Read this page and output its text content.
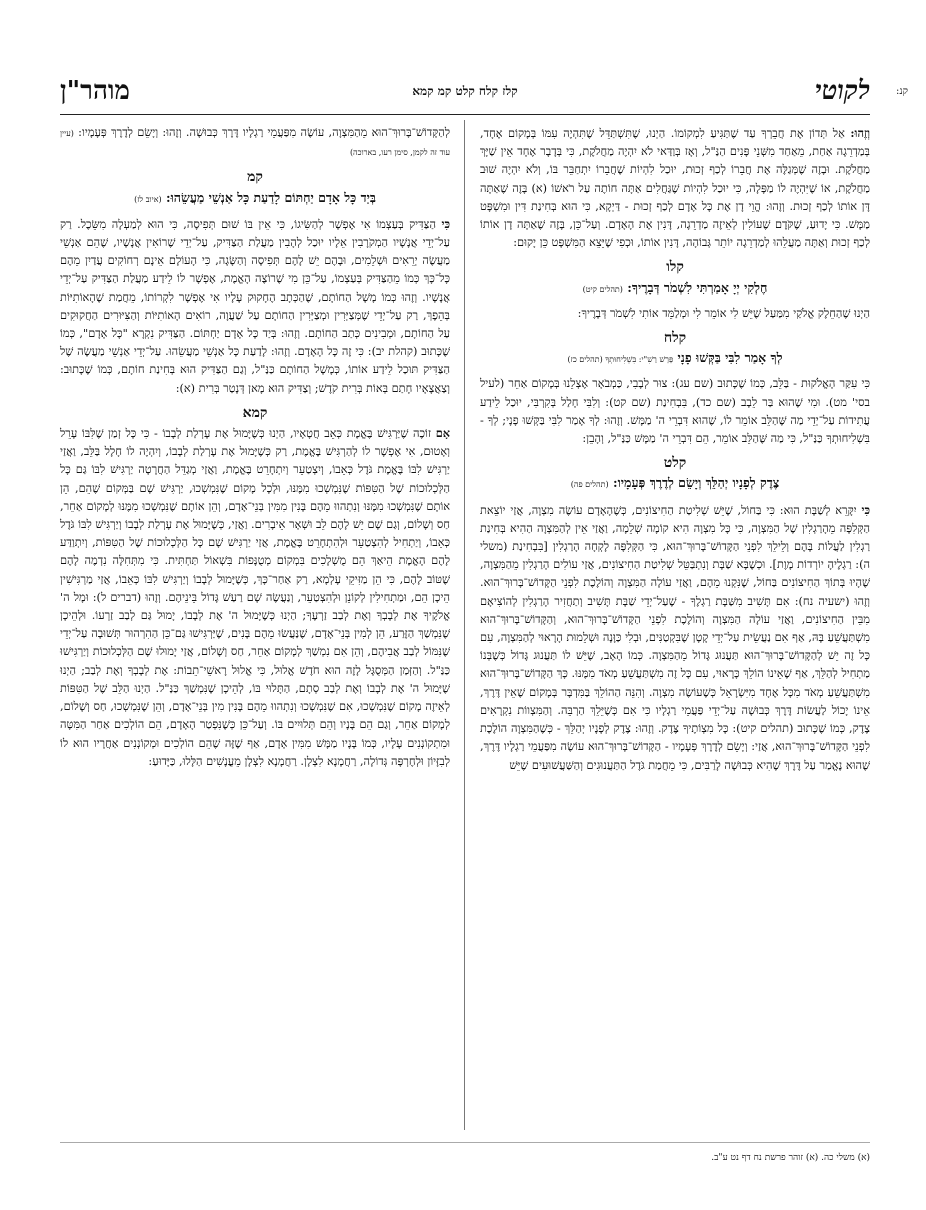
קנ:
לקוטי
קלז קלח קלט קמ קמא
מוהר"ן

וְזֶהוּ: אַל תְּדוֹן אֶת חֲבֵרְךָ עַד שֶׁתַּגִּיעַ לִמְקוֹמוֹ. הַיְנוּ, שֶׁתִּשְׁתַּדֵּל שֶׁתִּהְיֶה עִמּוֹ בְּמָקוֹם אֶחָד, בְּמַדְרֵגָה אַחַת, מֵאַחַד מִשְּׁנֵי פָּנִים הַנַּ"ל, וְאָז בְּוַדַּאי לֹא יִהְיֶה מַחֲלֹקֶת, כִּי בְּדָבָר אֶחָד אֵין שַׁיָּךְ מַחֲלֹקֶת. וּבָזֶה שֶׁמְּגַלֶּה אֶת חֲבֵרוֹ לְכַף זְכוּת, יוּכַל לִהְיוֹת שֶׁחֲבֵרוֹ יִתְחַבֵּר בּוֹ, וְלֹא יִהְיֶה שׁוּב מַחֲלֹקֶת, אוֹ שֶׁיִּהְיֶה לוֹ מַפָּלָה, כִּי יוּכַל לִהְיוֹת שֶׁגַּחֲלִים אַתָּה חוֹתֶה עַל רֹאשׁוֹ (א) בָּזֶה שֶׁאַתָּה דָּן אוֹתוֹ לְכַף זְכוּת. וְזֶהוּ: הֱוֵי דָן אֶת כָּל אָדָם לְכַף זְכוּת - דַּיְקָא, כִּי הוּא בְּחִינַת דִּין וּמִשְׁפָּט מַמָּשׁ. כִּי יָדוּעַ, שֶׁקֹּדֶם שֶׁעוֹלִין לְאֵיזֶה מַדְרֵגָה, דָּנִין אֶת הָאָדָם. וְעַל־כֵּן, בָּזֶה שֶׁאַתָּה דָן אוֹתוֹ לְכַף זְכוּת וְאַתָּה מַעֲלֵהוּ לְמַדְרֵגָה יוֹתֵר גְּבוֹהָה, דָּנִין אוֹתוֹ, וּכְפִי שֶׁיֵּצֵא הַמִּשְׁפָּט כֵּן יָקוּם:

קלו
חֶלְקִי יְיָ אָמַרְתִּי לִשְׁמֹר דְּבָרֶיךָ: (תהלים קיט)

הַיְנוּ שֶׁהַחֵלֶק אֱלֹקַי מִמַּעַל שֶׁיֵּשׁ לִי אוֹמֵר לִי וּמְלַמֵּד אוֹתִי לִשְׁמֹר דְּבָרֶיךָ:

קלח
לְךָ אָמַר לִבִּי בַּקְּשׁוּ פָנָי פֵּרֵשׁ רַשִׁ"י: בִּשְׁלִיחוּתְךָ (תהלים כז)

כִּי עִקַּר הָאֱלֹקוּת - בַּלֵּב, כְּמוֹ שֶׁכָּתוּב (שם עג): צוּר לְבָבִי, כַּמְבֹאָר אֶצְלֵנוּ בְּמָקוֹם אַחֵר (לעיל בסי' מט). וּמִי שֶׁהוּא בַּר לֵבָב (שם כד), בִּבְחִינַת (שם קט): וְלִבִּי חָלַל בְּקִרְבִּי, יוּכַל לֵידַע עֲתִידוֹת עַל־יְדֵי מַה שֶּׁהַלֵּב אוֹמֵר לוֹ, שֶׁהוּא דִּבְרֵי ה' מַמָּשׁ. וְזֶהוּ: לְךָ אָמַר לִבִּי בַּקְּשׁוּ פָנָי; לְךָ - בִּשְׁלִיחוּתְךָ כַּנַּ"ל, כִּי מַה שֶּׁהַלֵּב אוֹמֵר, הֵם דִּבְרֵי ה' מַמָּשׁ כַּנַּ"ל, וְהָבֵן:

קלט
צֶדֶק לְפָנָיו יְהַלֵּךְ וְיָשֵׂם לְדֶרֶךְ פְּעָמָיו: (תהלים פה)

כִּי יִקָּרֵא לְשַׁבָּת הוּא: כִּי בַּחוֹל, שֶׁיֵּשׁ שְׁלִיטַת הַחִיצוֹנִים, כְּשֶׁהָאָדָם עוֹשֶׂה מִצְוָה, אֲזַי יוֹצֵאת הַקְּלִפָּה מֵהָרַגְלִין שֶׁל הַמִּצְוָה, כִּי כָּל מִצְוָה הִיא קוֹמָה שְׁלֵמָה, וַאֲזַי אֵין לְהַמִּצְוָה הַהִיא בְּחִינַת רַגְלִין לַעֲלוֹת בָּהֶם וְלֵילֵךְ לִפְנֵי הַקָּדוֹשׁ־בָּרוּךְ־הוּא, כִּי הַקְּלִפָּה לָקְחָה הָרַגְלִין [בִּבְחִינַת (משלי ה): רַגְלֶיהָ יוֹרְדוֹת מָוֶת]. וּכְשֶׁבָּא שַׁבָּת וְנִתְבַּטֵּל שְׁלִיטַת הַחִיצוֹנִים, אֲזַי עוֹלִים הָרַגְלִין מֵהַמִּצְוָה, שֶׁהָיוּ בְּתוֹךְ הַחִיצוֹנִים בַּחוֹל, שֶׁנִּקְנוּ מֵהֶם, וַאֲזַי עוֹלָה הַמִּצְוָה וְהוֹלֶכֶת לִפְנֵי הַקָּדוֹשׁ־בָּרוּךְ־הוּא. וְזֶהוּ (ישעיה נח): אִם תָּשִׁיב מִשַּׁבָּת רַגְלֶךָ - שֶׁעַל־יְדֵי שַׁבָּת תָּשִׁיב וְתַחֲזִיר הָרַגְלִין לְהוֹצִיאָם מִבֵּין הַחִיצוֹנִים, וַאֲזַי עוֹלָה הַמִּצְוָה וְהוֹלֶכֶת לִפְנֵי הַקָּדוֹשׁ־בָּרוּךְ־הוּא, וְהַקָּדוֹשׁ־בָּרוּךְ־הוּא מִשְׁתַּעֲשֵׁעַ בָּהּ, אַף אִם נַעֲשֵׂית עַל־יְדֵי קָטָן שֶׁבִּקְטַנִּים, וּבְלִי כַּוָּנָה וּשְׁלֵמוּת הָרָאוּי לְהַמִּצְוָה, עִם כָּל זֶה יֵשׁ לְהַקָּדוֹשׁ־בָּרוּךְ־הוּא תַּעֲנוּג גָּדוֹל מֵהַמִּצְוָה. כְּמוֹ הָאָב, שֶׁיֵּשׁ לוֹ תַּעֲנוּג גָּדוֹל כְּשֶׁבְּנוֹ מַתְחִיל לְהַלֵּךְ, אַף שֶׁאֵינוֹ הוֹלֵךְ כָּרָאוּי, עִם כָּל זֶה מִשְׁתַּעֲשֵׁעַ מְאֹד מִמֶּנּוּ. כָּךְ הַקָּדוֹשׁ־בָּרוּךְ־הוּא מִשְׁתַּעֲשֵׁעַ מְאֹד מִכָּל אֶחָד מִיִּשְׂרָאֵל כְּשֶׁעוֹשֶׂה מִצְוָה. וְהִנֵּה הַהוֹלֵךְ בַּמִּדְבָּר בְּמָקוֹם שֶׁאֵין דֶּרֶךְ, אֵינוֹ יָכוֹל לַעֲשׂוֹת דֶּרֶךְ כְּבוּשָׁה עַל־יְדֵי פַּעֲמֵי רַגְלָיו כִּי אִם כְּשֶׁיֵּלֵךְ הַרְבֵּה. וְהַמִּצְווֹת נִקְרָאִים צֶדֶק, כְּמוֹ שֶׁכָּתוּב (תהלים קיט): כָּל מִצְוֹתֶיךָ צֶּדֶק. וְזֶהוּ: צֶדֶק לְפָנָיו יְהַלֵּךְ - כְּשֶׁהַמִּצְוָה הוֹלֶכֶת לִפְנֵי הַקָּדוֹשׁ־בָּרוּךְ־הוּא, אֲזַי: וְיָשֵׂם לְדֶרֶךְ פְּעָמָיו - הַקָּדוֹשׁ־בָּרוּךְ־הוּא עוֹשֶׂה מִפַּעֲמֵי רַגְלָיו דֶּרֶךְ, שֶׁהוּא נֶאֱמַר עַל דֶּרֶךְ שֶׁהִיא כְּבוּשָׁה לָרַבִּים, כִּי מֵחֲמַת גֹּדֶל הַתַּעֲנוּגִים וְהַשַּׁעֲשׁוּעִים שֶׁיֵּשׁ

לְהַקָּדוֹשׁ־בָּרוּךְ־הוּא מֵהַמִּצְוָה, עוֹשֶׂה מִפַּעֲמֵי רַגְלָיו דֶּרֶךְ כְּבוּשָׁה. וְזֶהוּ: וְיָשֵׂם לְדֶרֶךְ פְּעָמָיו: (עיין עוד זה לקמן, סימן רעו, בארוכה)

קמ
בְּיַד כָּל אָדָם יַחְתּוֹם לָדַעַת כָּל אַנְשֵׁי מַעֲשֵׂהוּ: (איוב לז)

כִּי הַצַּדִּיק בְּעַצְמוֹ אִי אֶפְשָׁר לְהַשִּׂיגוֹ, כִּי אֵין בּוֹ שׁוּם תְּפִיסָה, כִּי הוּא לְמַעְלָה מִשֵּׂכֶל. רַק עַל־יְדֵי אֲנָשָׁיו הַמְקֹרָבִין אֵלָיו יוּכַל לְהָבִין מַעֲלַת הַצַּדִּיק, עַל־יְדֵי שֶׁרוֹאִין אֲנָשָׁיו, שֶׁהֵם אַנְשֵׁי מַעֲשֶׂה יְרֵאִים וּשְׁלֵמִים, וּבָהֶם יֵשׁ לָהֶם תְּפִיסָה וְהַשָּׂגָה, כִּי הָעוֹלָם אֵינָם רְחוֹקִים עֲדַיִן מֵהֶם כָּל־כָּךְ כְּמוֹ מֵהַצַּדִּיק בְּעַצְמוֹ, עַל־כֵּן מִי שֶׁרוֹצֶה הָאֱמֶת, אֶפְשָׁר לוֹ לֵידַע מַעֲלַת הַצַּדִּיק עַל־יְדֵי אֲנָשָׁיו. וְזֶהוּ כְּמוֹ מָשָׁל הַחוֹתָם, שֶׁהַכְּתָב הֶחָקוּק עָלָיו אִי אֶפְשָׁר לִקְרוֹתוֹ, מֵחֲמַת שֶׁהָאוֹתִיּוֹת בְּהֵפֶךְ, רַק עַל־יְדֵי שֶׁמְּצַיְּרִין וּמְצַיְּרִין הַחוֹתָם עַל שַׁעֲוָה, רוֹאִים הָאוֹתִיּוֹת וְהַצִּיּוּרִים הַחֲקוּקִים עַל הַחוֹתָם, וּמְבִינִים כְּתַב הַחוֹתָם. וְזֶהוּ: בְּיַד כָּל אָדָם יַחְתּוֹם. הַצַּדִּיק נִקְרָא "כָּל אָדָם", כְּמוֹ שֶׁכָּתוּב (קהלת יב): כִּי זֶה כָּל הָאָדָם. וְזֶהוּ: לָדַעַת כָּל אַנְשֵׁי מַעֲשֵׂהוּ. עַל־יְדֵי אַנְשֵׁי מַעֲשֶׂה שֶׁל הַצַּדִּיק תּוּכַל לֵידַע אוֹתוֹ, כְּמָשָׁל הַחוֹתָם כַּנַּ"ל, וְגַם הַצַּדִּיק הוּא בְּחִינַת חוֹתָם, כְּמוֹ שֶׁכָּתוּב: וְצַאֲצָאָיו חָתַם בְּאוֹת בְּרִית קֹדֶשׁ; וְצַדִּיק הוּא מָאן דְּנָטַר בְּרִית (א):

קמא

אָם זוֹכֶה שֶׁיַּרְגִּישׁ בֶּאֱמֶת כְּאֵב חֲטָאָיו, הַיְנוּ כְּשֶׁיָּמוּל אֶת עָרְלַת לְבָבוֹ - כִּי כָּל זְמַן שֶׁלִּבּוֹ עָרֵל וְאָטוּם, אִי אֶפְשָׁר לוֹ לְהַרְגִּישׁ בֶּאֱמֶת, רַק כְּשֶׁיָּמוּל אֶת עָרְלַת לְבָבוֹ, וְיִהְיֶה לוֹ חָלָל בַּלֵּב, וַאֲזַי יַרְגִּישׁ לִבּוֹ בֶּאֱמֶת גֹּדֶל כְּאֵבוֹ, וְיִצְטַעֵר וְיִתְחָרֵט בֶּאֱמֶת, וַאֲזַי מְגַדֵּל הַחֲרָטָה יַרְגִּישׁ לִבּוֹ גַּם כָּל הַלְּכְלוּכוֹת שֶׁל הַטִּפּוֹת שֶׁנִּמְשְׁכוּ מִמֶּנּוּ, וּלְכָל מָקוֹם שֶׁנִּמְשְׁכוּ, יַרְגִּישׁ שָׁם בַּמְּקוֹם שֶׁהֵם, הֵן אוֹתָם שֶׁנִּמְשְׁכוּ מִמֶּנּוּ וְנִתְהווּ מֵהֶם בָּנִין מִמִּין בְּנֵי־אָדָם, וְהֵן אוֹתָם שֶׁנִּמְשְׁכוּ מִמֶּנּוּ לְמָקוֹם אַחֵר, חַס וְשָׁלוֹם, וְגַם שָׁם יֵשׁ לָהֶם לֵב וּשְׁאָר אֵיבָרִים. וַאֲזַי, כְּשֶׁיָּמוּל אֶת עָרְלַת לְבָבוֹ וְיַרְגִּישׁ לִבּוֹ גֹּדֶל כְּאֵבוֹ, וְיַתְחִיל לְהִצְטַעֵר וּלְהִתְחָרֵט בֶּאֱמֶת, אֲזַי יַרְגִּישׁ שָׁם כָּל הַלְּכְלוּכוֹת שֶׁל הַטִּפּוֹת, וְיִתְוַדַּע לָהֶם הָאֱמֶת הֵיאַךְ הֵם מֻשְׁלָכִים בִּמְקוֹם מְטֻנָּפוֹת בִּשְׁאוֹל תַּחְתִּית. כִּי מִתְּחִלָּה נִדְמֶה לָהֶם שֶׁטּוֹב לָהֶם, כִּי הֵן מַזִּיקֵי עָלְמָא, רַק אַחַר־כָּךְ, כְּשֶׁיָּמוּל לְבָבוֹ וְיַרְגִּישׁ לִבּוֹ כְּאֵבוֹ, אֲזַי מַרְגִּישִׁין הֵיכָן הֵם, וּמַתְחִילִין לְקוֹנֵן וּלְהִצְטַעֵר, וְנַעֲשֶׂה שָׁם רַעַשׁ גָּדוֹל בֵּינֵיהֶם. וְזֶהוּ (דברים ל): וּמָל ה' אֱלֹקֶיךָ אֶת לְבָבְךָ וְאֶת לְבַב זַרְעֶךָ; הַיְנוּ כְּשֶׁיָּמוּל ה' אֶת לְבָבוֹ, יָמוּל גַּם לְבַב זַרְעוֹ. וּלְהֵיכָן שֶׁנִּמְשַׁךְ הַזֶּרַע, הֵן לְמִין בְּנֵי־אָדָם, שֶׁנַּעֲשׂוּ מֵהֶם בָּנִים, שֶׁיַּרְגִּישׁוּ גַּם־כֵּן הַהִרְהוּר תְּשׁוּבָה עַל־יְדֵי שֶׁנִּמּוֹל לְבַב אֲבִיהֶם, וְהֵן אִם נִמְשַׁךְ לְמָקוֹם אַחֵר, חַס וְשָׁלוֹם, אֲזַי יָמוּלוּ שָׁם הַלְּכְלוּכוֹת וְיַרְגִּישׁוּ כַּנַּ"ל. וְהַזְּמַן הַמְּסֻגָּל לָזֶה הוּא חֹדֶשׁ אֱלוּל, כִּי אֱלוּל רָאשֵׁי־תֵבוֹת: אֶת לְבָבְךָ וְאֶת לְבַב; הַיְנוּ שֶׁיָּמוּל ה' אֶת לְבָבוֹ וְאֶת לְבַב סְתָם, הַתָּלוּי בּוֹ, לְהֵיכָן שֶׁנִּמְשַׁךְ כַּנַּ"ל. הַיְנוּ הַלֵּב שֶׁל הַטִּפּוֹת לְאֵיזֶה מָקוֹם שֶׁנִּמְשְׁכוּ, אִם שֶׁנִּמְשְׁכוּ וְנִתְהווּ מֵהֶם בָּנִין מִין בְּנֵי־אָדָם, וְהֵן שֶׁנִּמְשְׁכוּ, חַס וְשָׁלוֹם, לְמָקוֹם אַחֵר, וְגַם הֵם בָּנָיו וְהֵם תְּלוּיִים בּוֹ. וְעַל־כֵּן כְּשֶׁנִּפְטַר הָאָדָם, הֵם הוֹלְכִים אַחַר הַמִּטָּה וּמִתְקוֹנְנִים עָלָיו, כְּמוֹ בָּנָיו מַמָּשׁ מִמִּין אָדָם, אַף שֶׁזֶּה שֶׁהֵם הוֹלְכִים וּמְקוֹנְנִים אַחֲרָיו הוּא לוֹ לְבִזָּיוֹן וּלְחֶרְפָּה גְּדוֹלָה, רַחֲמָנָא לִצְלָן. רַחֲמָנָא לִצְלָן מֵעֳנָשִׁים הַלָּלוּ, כַּיָּדוּעַ:

(א) משלי כה. (א) זוהר פרשת נח דף נט ע"ב.
